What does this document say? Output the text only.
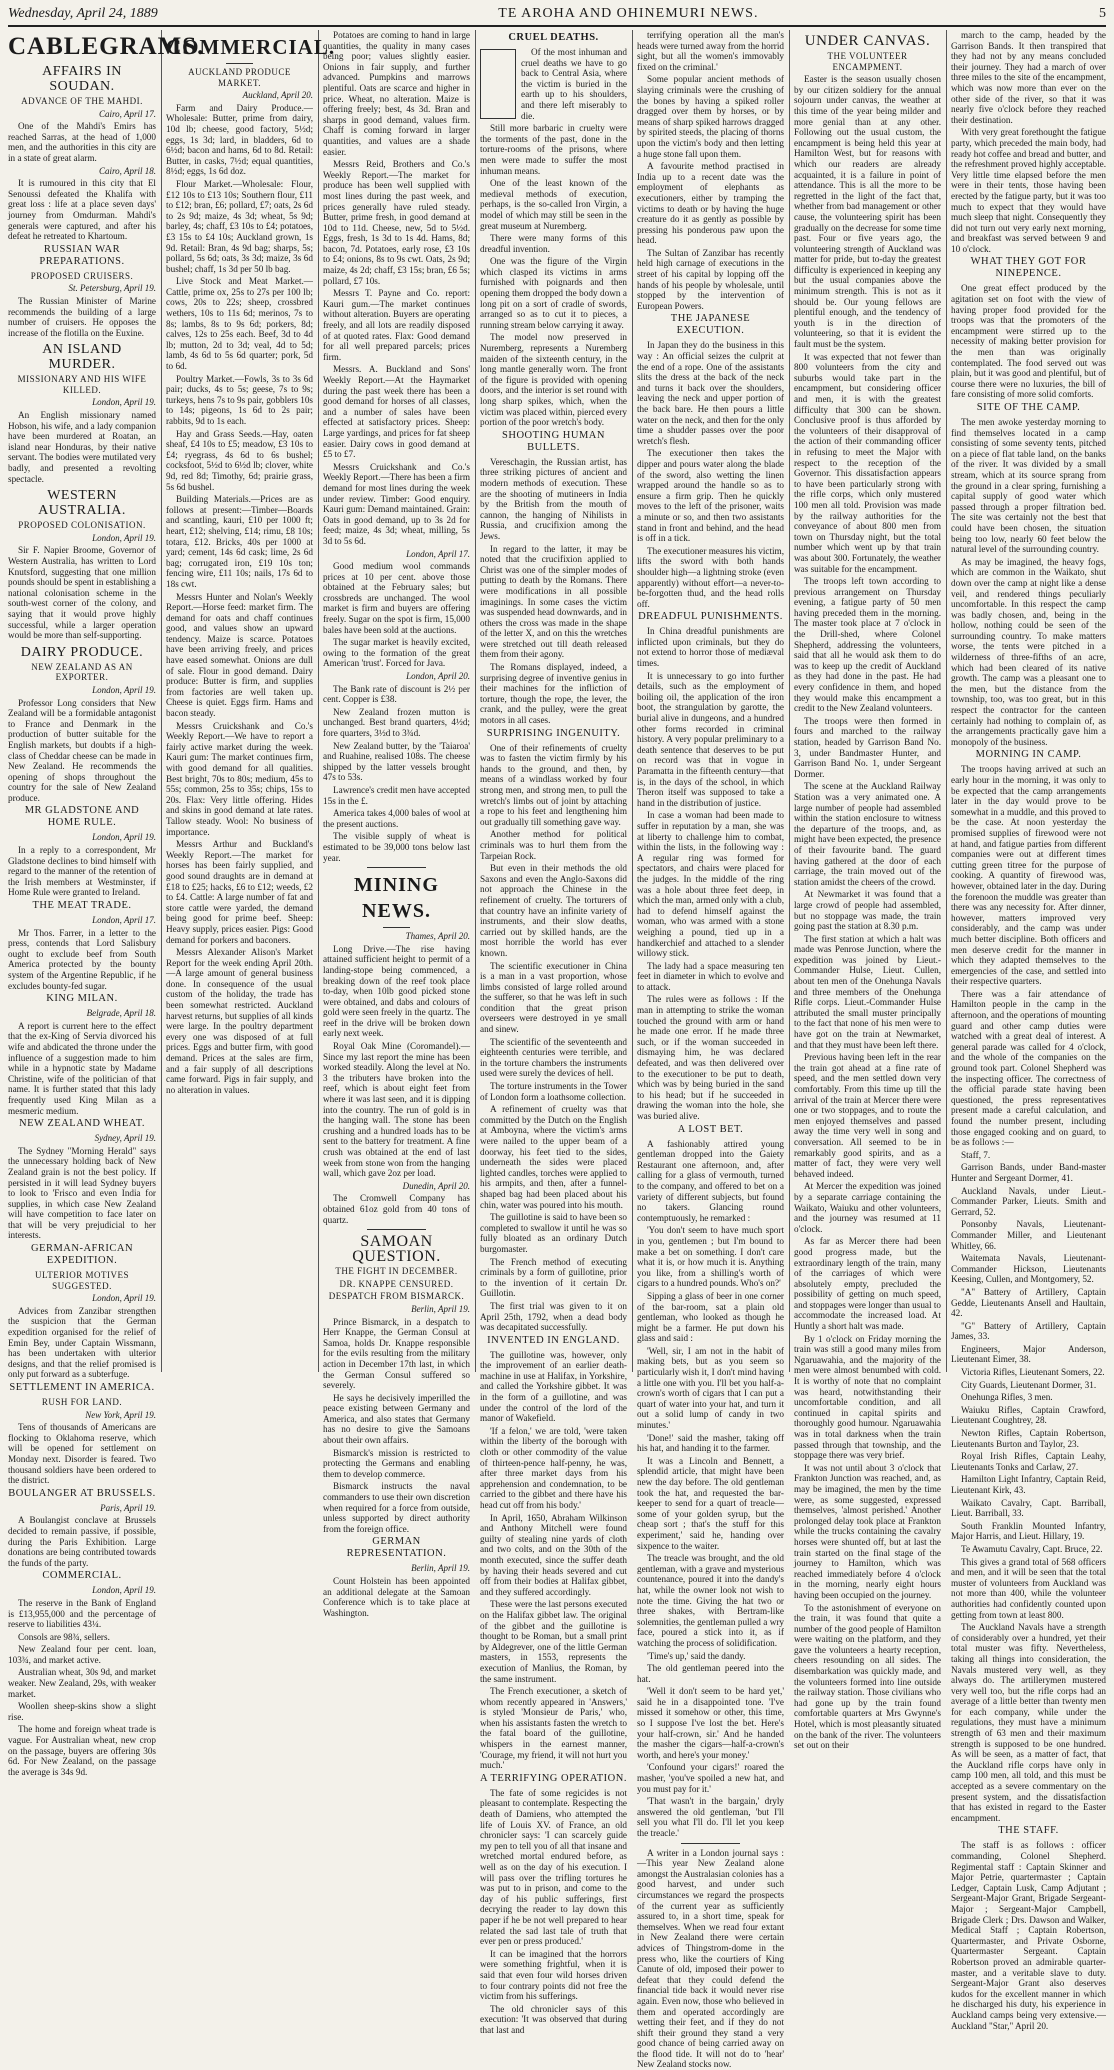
Wednesday, April 24, 1889	TE AROHA AND OHINEMURI NEWS.	5
CABLEGRAMS.
AFFAIRS IN SOUDAN.
ADVANCE OF THE MAHDI.
Cairo, April 17.

One of the Mahdi's Emirs has reached Sarras, at the head of 1,000 men, and the authorities in this city are in a state of great alarm.

Cairo, April 18.

It is rumoured in this city that El Senoussi defeated the Khalifa with great loss : life at a place seven days' journey from Omdurman. Mahdi's generals were captured, and after his defeat he retreated to Khartoum.

RUSSIAN WAR PREPARATIONS.
PROPOSED CRUISERS.
St. Petersburg, April 19.

The Russian Minister of Marine recommends the building of a large number of cruisers. He opposes the increase of the flotilla on the Euxine.

AN ISLAND MURDER.
MISSIONARY AND HIS WIFE KILLED.
London, April 19.

An English missionary named Hobson, his wife, and a lady companion have been murdered at Roatan, an island near Honduras, by their native servant. The bodies were mutilated very badly, and presented a revolting spectacle.

WESTERN AUSTRALIA.
PROPOSED COLONISATION.
London, April 19.

Sir F. Napier Broome, Governor of Western Australia, has written to Lord Knutsford, suggesting that one million pounds should be spent in establishing a national colonisation scheme in the south-west corner of the colony, and saying that it would prove highly successful, while a larger operation would be more than self-supporting.

DAIRY PRODUCE.
NEW ZEALAND AS AN EXPORTER.
London, April 19.

Professor Long considers that New Zealand will be a formidable antagonist to France and Denmark in the production of butter suitable for the English markets, but doubts if a high-class of Cheddar cheese can be made in New Zealand. He recommends the opening of shops throughout the country for the sale of New Zealand produce.

MR GLADSTONE AND HOME RULE.
London, April 19.

In a reply to a correspondent, Mr Gladstone declines to bind himself with regard to the manner of the retention of the Irish members at Westminster, if Home Rule were granted to Ireland.

THE MEAT TRADE.
London, April 17.

Mr Thos. Farrer, in a letter to the press, contends that Lord Salisbury ought to exclude beef from South America protected by the bounty system of the Argentine Republic, if he excludes bounty-fed sugar.

KING MILAN.
Belgrade, April 18.

A report is current here to the effect that the ex-King of Servia divorced his wife and abdicated the throne under the influence of a suggestion made to him while in a hypnotic state by Madame Christine, wife of the politician of that name. It is further stated that this lady frequently used King Milan as a mesmeric medium.

NEW ZEALAND WHEAT.
Sydney, April 19.

The Sydney "Morning Herald" says the unnecessary holding back of New Zealand grain is not the best policy. If persisted in it will lead Sydney buyers to look to 'Frisco and even India for supplies, in which case New Zealand will have competition to face later on that will be very prejudicial to her interests.

GERMAN-AFRICAN EXPEDITION.
ULTERIOR MOTIVES SUGGESTED.
London, April 19.

Advices from Zanzibar strengthen the suspicion that the German expedition organised for the relief of Emin Bey, under Captain Wissmann, has been undertaken with ulterior designs, and that the relief promised is only put forward as a subterfuge.

SETTLEMENT IN AMERICA.
RUSH FOR LAND.
New York, April 19.

Tens of thousands of Americans are flocking to Oklahoma reserve, which will be opened for settlement on Monday next. Disorder is feared. Two thousand soldiers have been ordered to the district.

BOULANGER AT BRUSSELS.
Paris, April 19.

A Boulangist conclave at Brussels decided to remain passive, if possible, during the Paris Exhibition. Large donations are being contributed towards the funds of the party.

COMMERCIAL.
London, April 19.

The reserve in the Bank of England is £13,955,000 and the percentage of reserve to liabilities 43¼.

Consols are 98¾, sellers.

New Zealand four per cent. loan, 103¾, and market active.

Australian wheat, 30s 9d, and market weaker. New Zealand, 29s, with weaker market.

Woollen sheep-skins show a slight rise.

The home and foreign wheat trade is vague. For Australian wheat, new crop on the passage, buyers are offering 30s 6d. For New Zealand, on the passage the average is 34s 9d.

COMMERCIAL.
AUCKLAND PRODUCE MARKET.
Auckland, April 20.

Farm and Dairy Produce.—Wholesale: Butter, prime from dairy, 10d lb; cheese, good factory, 5½d; eggs, 1s 3d; lard, in bladders, 6d to 6½d; bacon and hams, 6d to 8d. Retail: Butter, in casks, 7½d; equal quantities, 8½d; eggs, 1s 6d doz.

Flour Market.—Wholesale: Flour, £12 10s to £13 10s; Southern flour, £11 to £12; bran, £6; pollard, £7; oats, 2s 6d to 2s 9d; maize, 4s 3d; wheat, 5s 9d; barley, 4s; chaff, £3 10s to £4; potatoes, £3 15s to £4 10s; Auckland grown, 1s 9d. Retail: Bran, 4s 9d bag; sharps, 5s; pollard, 5s 6d; oats, 3s 3d; maize, 3s 6d bushel; chaff, 1s 3d per 50 lb bag.

Live Stock and Meat Market.—Cattle, prime ox, 25s to 27s per 100 lb; cows, 20s to 22s; sheep, crossbred wethers, 10s to 11s 6d; merinos, 7s to 8s; lambs, 8s to 9s 6d; porkers, 8d; calves, 12s to 25s each. Beef, 3d to 4d lb; mutton, 2d to 3d; veal, 4d to 5d; lamb, 4s 6d to 5s 6d quarter; pork, 5d to 6d.

Poultry Market.—Fowls, 3s to 3s 6d pair; ducks, 4s to 5s; geese, 7s to 9s; turkeys, hens 7s to 9s pair, gobblers 10s to 14s; pigeons, 1s 6d to 2s pair; rabbits, 9d to 1s each.

Hay and Grass Seeds.—Hay, oaten sheaf, £4 10s to £5; meadow, £3 10s to £4; ryegrass, 4s 6d to 6s bushel; cocksfoot, 5½d to 6½d lb; clover, white 9d, red 8d; Timothy, 6d; prairie grass, 5s 6d bushel.

Building Materials.—Prices are as follows at present:—Timber—Boards and scantling, kauri, £10 per 1000 ft; heart, £12; shelving, £14; rimu, £8 10s; totara, £12. Bricks, 40s per 1000 at yard; cement, 14s 6d cask; lime, 2s 6d bag; corrugated iron, £19 10s ton; fencing wire, £11 10s; nails, 17s 6d to 18s cwt.

Messrs Hunter and Nolan's Weekly Report.—Horse feed: market firm. The demand for oats and chaff continues good, and values show an upward tendency. Maize is scarce. Potatoes have been arriving freely, and prices have eased somewhat. Onions are dull of sale. Flour in good demand. Dairy produce: Butter is firm, and supplies from factories are well taken up. Cheese is quiet. Eggs firm. Hams and bacon steady.

Messrs Cruickshank and Co.'s Weekly Report.—We have to report a fairly active market during the week. Kauri gum: The market continues firm, with good demand for all qualities. Best bright, 70s to 80s; medium, 45s to 55s; common, 25s to 35s; chips, 15s to 20s. Flax: Very little offering. Hides and skins in good demand at late rates. Tallow steady. Wool: No business of importance.

Messrs Arthur and Buckland's Weekly Report.—The market for horses has been fairly supplied, and good sound draughts are in demand at £18 to £25; hacks, £6 to £12; weeds, £2 to £4. Cattle: A large number of fat and store cattle were yarded, the demand being good for prime beef. Sheep: Heavy supply, prices easier. Pigs: Good demand for porkers and baconers.

Messrs Alexander Alison's Market Report for the week ending April 20th.—A large amount of general business done. In consequence of the usual custom of the holiday, the trade has been somewhat restricted. Auckland harvest returns, but supplies of all kinds were large. In the poultry department every one was disposed of at full prices. Eggs and butter firm, with good demand. Prices at the sales are firm, and a fair supply of all descriptions came forward. Pigs in fair supply, and no alteration in values.

Potatoes are coming to hand in large quantities, the quality in many cases being poor; values slightly easier. Onions in fair supply, and further advanced. Pumpkins and marrows plentiful. Oats are scarce and higher in price. Wheat, no alteration. Maize is offering freely; best, 4s 3d. Bran and sharps in good demand, values firm. Chaff is coming forward in larger quantities, and values are a shade easier.

Messrs Reid, Brothers and Co.'s Weekly Report.—The market for produce has been well supplied with most lines during the past week, and prices generally have ruled steady. Butter, prime fresh, in good demand at 10d to 11d. Cheese, new, 5d to 5½d. Eggs, fresh, 1s 3d to 1s 4d. Hams, 8d; bacon, 7d. Potatoes, early rose, £3 10s to £4; onions, 8s to 9s cwt. Oats, 2s 9d; maize, 4s 2d; chaff, £3 15s; bran, £6 5s; pollard, £7 10s.

Messrs T. Payne and Co. report: Kauri gum.—The market continues without alteration. Buyers are operating freely, and all lots are readily disposed of at quoted rates. Flax: Good demand for all well prepared parcels; prices firm.

Messrs. A. Buckland and Sons' Weekly Report.—At the Haymarket during the past week there has been a good demand for horses of all classes, and a number of sales have been effected at satisfactory prices. Sheep: Large yardings, and prices for fat sheep easier. Dairy cows in good demand at £5 to £7.

Messrs Cruickshank and Co.'s Weekly Report.—There has been a firm demand for most lines during the week under review. Timber: Good enquiry. Kauri gum: Demand maintained. Grain: Oats in good demand, up to 3s 2d for feed; maize, 4s 3d; wheat, milling, 5s 3d to 5s 6d.

London, April 17.

Good medium wool commands prices at 10 per cent. above those obtained at the February sales; but crossbreds are unchanged. The wool market is firm and buyers are offering freely. Sugar on the spot is firm, 15,000 bales have been sold at the auctions.

The sugar market is heavily excited, owing to the formation of the great American 'trust'. Forced for Java.

London, April 20.

The Bank rate of discount is 2½ per cent. Copper is £38.

New Zealand frozen mutton is unchanged. Best brand quarters, 4½d; fore quarters, 3½d to 3¾d.

New Zealand butter, by the 'Taiaroa' and Ruahine, realised 108s. The cheese shipped by the latter vessels brought 47s to 53s.

Lawrence's credit men have accepted 15s in the £.

America takes 4,000 bales of wool at the present auctions.

The visible supply of wheat is estimated to be 39,000 tons below last year.

MINING NEWS.
Thames, April 20.

Long Drive.—The rise having attained sufficient height to permit of a landing-stope being commenced, a breaking down of the reef took place to-day, when 10lb good picked stone were obtained, and dabs and colours of gold were seen freely in the quartz. The reef in the drive will be broken down early next week.

Royal Oak Mine (Coromandel).—Since my last report the mine has been worked steadily. Along the level at No. 3 the tributers have broken into the reef, which is about eight feet from where it was last seen, and it is dipping into the country. The run of gold is in the hanging wall. The stone has been crushing and a hundred loads has to be sent to the battery for treatment. A fine crush was obtained at the end of last week from stone won from the hanging wall, which gave 2oz per load.

Dunedin, April 20.

The Cromwell Company has obtained 61oz gold from 40 tons of quartz.

SAMOAN QUESTION.
THE FIGHT IN DECEMBER.
DR. KNAPPE CENSURED.
DESPATCH FROM BISMARCK.
Berlin, April 19.

Prince Bismarck, in a despatch to Herr Knappe, the German Consul at Samoa, holds Dr. Knappe responsible for the evils resulting from the military action in December 17th last, in which the German Consul suffered so severely.

He says he decisively imperilled the peace existing between Germany and America, and also states that Germany has no desire to give the Samoans about their own affairs.

Bismarck's mission is restricted to protecting the Germans and enabling them to develop commerce.

Bismarck instructs the naval commanders to use their own discretion when required for a force from outside, unless supported by direct authority from the foreign office.

GERMAN REPRESENTATION.
Berlin, April 19.

Count Holstein has been appointed an additional delegate at the Samoan Conference which is to take place at Washington.

CRUEL DEATHS.

Of the most inhuman and cruel deaths we have to go back to Central Asia, where the victim is buried in the earth up to his shoulders, and there left miserably to die.

Still more barbaric in cruelty were the torments of the past, done in the torture-rooms of the prisons, where men were made to suffer the most inhuman means.

One of the least known of the medieval methods of execution, perhaps, is the so-called Iron Virgin, a model of which may still be seen in the great museum at Nuremberg.

There were many forms of this dreadful invention.

One was the figure of the Virgin which clasped its victims in arms furnished with poignards and then opening them dropped the body down a long pit on a sort of cradle of swords, arranged so as to cut it to pieces, a running stream below carrying it away.

The model now preserved in Nuremberg, represents a Nuremberg maiden of the sixteenth century, in the long mantle generally worn. The front of the figure is provided with opening doors, and the interior is set round with long sharp spikes, which, when the victim was placed within, pierced every portion of the poor wretch's body.

SHOOTING HUMAN BULLETS.

Vereschagin, the Russian artist, has three striking pictures of ancient and modern methods of execution. These are the shooting of mutineers in India by the British from the mouth of cannon, the hanging of Nihilists in Russia, and crucifixion among the Jews.

In regard to the latter, it may be noted that the crucifixion applied to Christ was one of the simpler modes of putting to death by the Romans. There were modifications in all possible imaginings. In some cases the victim was suspended head downwards, and in others the cross was made in the shape of the letter X, and on this the wretches were stretched out till death released them from their agony.

The Romans displayed, indeed, a surprising degree of inventive genius in their machines for the infliction of torture, though the rope, the lever, the crank, and the pulley, were the great motors in all cases.

SURPRISING INGENUITY.

One of their refinements of cruelty was to fasten the victim firmly by his hands to the ground, and then, by means of a windlass worked by four strong men, and strong men, to pull the wretch's limbs out of joint by attaching a rope to his feet and lengthening him out gradually till something gave way.

Another method for political criminals was to hurl them from the Tarpeian Rock.

But even in their methods the old Saxons and even the Anglo-Saxons did not approach the Chinese in the refinement of cruelty. The torturers of that country have an infinite variety of instruments, and their slow deaths, carried out by skilled hands, are the most horrible the world has ever known.

The scientific executioner in China is a man in a vast proportion, whose limbs consisted of large rolled around the sufferer, so that he was left in such condition that the great prison overseers were destroyed in ye small and sinew.

The scientific of the seventeenth and eighteenth centuries were terrible, and in the torture chambers the instruments used were surely the devices of hell.

The torture instruments in the Tower of London form a loathsome collection.

A refinement of cruelty was that committed by the Dutch on the English at Amboyna, where the victim's arms were nailed to the upper beam of a doorway, his feet tied to the sides, underneath the sides were placed lighted candles, torches were applied to his armpits, and then, after a funnel-shaped bag had been placed about his chin, water was poured into his mouth.

The guillotine is said to have been so completed to swallow it until he was so fully bloated as an ordinary Dutch burgomaster.

The French method of executing criminals by a form of guillotine, prior to the invention of it certain Dr. Guillotin.

The first trial was given to it on April 25th, 1792, when a dead body was decapitated successfully.

INVENTED IN ENGLAND.

The guillotine was, however, only the improvement of an earlier death-machine in use at Halifax, in Yorkshire, and called the Yorkshire gibbet. It was in the form of a guillotine, and was under the control of the lord of the manor of Wakefield.

'If a felon,' we are told, 'were taken within the liberty of the borough with cloth or other commodity of the value of thirteen-pence half-penny, he was, after three market days from his apprehension and condemnation, to be carried to the gibbet and there have his head cut off from his body.'

In April, 1650, Abraham Wilkinson and Anthony Mitchell were found guilty of stealing nine yards of cloth and two colts, and on the 30th of the month executed, since the suffer death by having their heads severed and cut off from their bodies at Halifax gibbet, and they suffered accordingly.

These were the last persons executed on the Halifax gibbet law. The original of the gibbet and the guillotine is thought to be Roman, but a small print by Aldegrever, one of the little German masters, in 1553, represents the execution of Manlius, the Roman, by the same instrument.

The French executioner, a sketch of whom recently appeared in 'Answers,' is styled 'Monsieur de Paris,' who, when his assistants fasten the wretch to the fatal board of the guillotine, whispers in the earnest manner, 'Courage, my friend, it will not hurt you much.'

A TERRIFYING OPERATION.

The fate of some regicides is not pleasant to contemplate. Respecting the death of Damiens, who attempted the life of Louis XV. of France, an old chronicler says: 'I can scarcely guide my pen to tell you of all that insane and wretched mortal endured before, as well as on the day of his execution. I will pass over the trifling tortures he was put to in prison, and come to the day of his public sufferings, first decrying the reader to lay down this paper if he be not well prepared to hear related the sad last tale of truth that ever pen or press produced.'

It can be imagined that the horrors were something frightful, when it is said that even four wild horses driven to four contrary points did not free the victim from his sufferings.

The old chronicler says of this execution: 'It was observed that during that last and

terrifying operation all the man's heads were turned away from the horrid sight, but all the women's immovably fixed on the criminal.'

Some popular ancient methods of slaying criminals were the crushing of the bones by having a spiked roller dragged over them by horses, or by means of sharp spiked harrows dragged by spirited steeds, the placing of thorns upon the victim's body and then letting a huge stone fall upon them.

A favourite method practised in India up to a recent date was the employment of elephants as executioners, either by tramping the victims to death or by having the huge creature do it as gently as possible by pressing his ponderous paw upon the head.

The Sultan of Zanzibar has recently held high carnage of executions in the street of his capital by lopping off the hands of his people by wholesale, until stopped by the intervention of European Powers.

THE JAPANESE EXECUTION.

In Japan they do the business in this way : An official seizes the culprit at the end of a rope. One of the assistants slits the dress at the back of the neck and turns it back over the shoulders, leaving the neck and upper portion of the back bare. He then pours a little water on the neck, and then for the only time a shudder passes over the poor wretch's flesh.

The executioner then takes the dipper and pours water along the blade of the sword, also wetting the linen wrapped around the handle so as to ensure a firm grip. Then he quickly moves to the left of the prisoner, waits a minute or so, and then two assistants stand in front and behind, and the head is off in a tick.

The executioner measures his victim, lifts the sword with both hands shoulder high—a lightning stroke (even apparently) without effort—a never-to-be-forgotten thud, and the head rolls off.

DREADFUL PUNISHMENTS.

In China dreadful punishments are inflicted upon criminals, but they do not extend to horror those of mediæval times.

It is unnecessary to go into further details, such as the employment of boiling oil, the application of the iron boot, the strangulation by garotte, the burial alive in dungeons, and a hundred other forms recorded in criminal history. A very popular preliminary to a death sentence that deserves to be put on record was that in vogue in Paramatta in the fifteenth century—that is, in the days of the school, in which Theron itself was supposed to take a hand in the distribution of justice.

In case a woman had been made to suffer in reputation by a man, she was at liberty to challenge him to combat, within the lists, in the following way : A regular ring was formed for spectators, and chairs were placed for the judges. In the middle of the ring was a hole about three feet deep, in which the man, armed only with a club, had to defend himself against the woman, who was armed with a stone weighing a pound, tied up in a handkerchief and attached to a slender willowy stick.

The lady had a space measuring ten feet in diameter in which to evolve and to attack.

The rules were as follows : If the man in attempting to strike the woman touched the ground with arm or hand he made one error. If he made three such, or if the woman succeeded in dismaying him, he was declared defeated, and was then delivered over to the executioner to be put to death, which was by being buried in the sand to his head; but if he succeeded in drawing the woman into the hole, she was buried alive.

A LOST BET.

A fashionably attired young gentleman dropped into the Gaiety Restaurant one afternoon, and, after calling for a glass of vermouth, turned to the company, and offered to bet on a variety of different subjects, but found no takers. Glancing round contemptuously, he remarked :

'You don't seem to have much sport in you, gentlemen ; but I'm bound to make a bet on something. I don't care what it is, or how much it is. Anything you like, from a shilling's worth of cigars to a hundred pounds. Who's on?'

Sipping a glass of beer in one corner of the bar-room, sat a plain old gentleman, who looked as though he might be a farmer. He put down his glass and said :

'Well, sir, I am not in the habit of making bets, but as you seem so particularly wish it, I don't mind having a little one with you. I'll bet you half-a-crown's worth of cigars that I can put a quart of water into your hat, and turn it out a solid lump of candy in two minutes.'

'Done!' said the masher, taking off his hat, and handing it to the farmer.

It was a Lincoln and Bennett, a splendid article, that might have been new the day before. The old gentleman took the hat, and requested the bar-keeper to send for a quart of treacle—some of your golden syrup, but the cheap sort ; that's the stuff for this experiment,' said he, handing over sixpence to the waiter.

The treacle was brought, and the old gentleman, with a grave and mysterious countenance, poured it into the dandy's hat, while the owner look not wish to note the time. Giving the hat two or three shakes, with Bertram-like solemnities, the gentleman pulled a wry face, poured a stick into it, as if watching the process of solidification.

'Time's up,' said the dandy.

The old gentleman peered into the hat.

'Well it don't seem to be hard yet,' said he in a disappointed tone. 'I've missed it somehow or other, this time, so I suppose I've lost the bet. Here's your half-crown, sir.' And he handed the masher the cigars—half-a-crown's worth, and here's your money.'

'Confound your cigars!' roared the masher, 'you've spoiled a new hat, and you must pay for it.'

'That wasn't in the bargain,' dryly answered the old gentleman, 'but I'll sell you what I'll do. I'll let you keep the treacle.'

A writer in a London journal says :—This year New Zealand alone amongst the Australasian colonies has a good harvest, and under such circumstances we regard the prospects of the current year as sufficiently assured to, in a short time, speak for themselves. When we read four extant in New Zealand there were certain advices of Thingstrom-dome in the press who, like the courtiers of King Canute of old, imposed their power to defeat that they could defend the financial tide back it would never rise again. Even now, those who believed in them and operated accordingly are wetting their feet, and if they do not shift their ground they stand a very good chance of being carried away on the flood tide. It will not do to 'hear' New Zealand stocks now.

UNDER CANVAS.
THE VOLUNTEER ENCAMPMENT.

Easter is the season usually chosen by our citizen soldiery for the annual sojourn under canvas, the weather at this time of the year being milder and more genial than at any other. Following out the usual custom, the encampment is being held this year at Hamilton West, but for reasons with which our readers are already acquainted, it is a failure in point of attendance. This is all the more to be regretted in the light of the fact that, whether from bad management or other cause, the volunteering spirit has been gradually on the decrease for some time past. Four or five years ago, the volunteering strength of Auckland was matter for pride, but to-day the greatest difficulty is experienced in keeping any but the usual companies above the minimum strength. This is not as it should be. Our young fellows are plentiful enough, and the tendency of youth is in the direction of volunteering, so that it is evident the fault must be the system.

It was expected that not fewer than 800 volunteers from the city and suburbs would take part in the encampment, but considering officer and men, it is with the greatest difficulty that 300 can be shown. Conclusive proof is thus afforded by the volunteers of their disapproval of the action of their commanding officer in refusing to meet the Major with respect to the reception of the Governor. This dissatisfaction appears to have been particularly strong with the rifle corps, which only mustered 100 men all told. Provision was made by the railway authorities for the conveyance of about 800 men from town on Thursday night, but the total number which went up by that train was about 300. Fortunately, the weather was suitable for the encampment.

The troops left town according to previous arrangement on Thursday evening, a fatigue party of 50 men having preceded them in the morning. The master took place at 7 o'clock in the Drill-shed, where Colonel Shepherd, addressing the volunteers, said that all he would ask them to do was to keep up the credit of Auckland as they had done in the past. He had every confidence in them, and hoped they would make this encampment a credit to the New Zealand volunteers.

The troops were then formed in fours and marched to the railway station, headed by Garrison Band No. 3, under Bandmaster Hunter, and Garrison Band No. 1, under Sergeant Dormer.

The scene at the Auckland Railway Station was a very animated one. A large number of people had assembled within the station enclosure to witness the departure of the troops, and, as might have been expected, the presence of their favourite band. The guard having gathered at the door of each carriage, the train moved out of the station amidst the cheers of the crowd.

At Newmarket it was found that a large crowd of people had assembled, but no stoppage was made, the train going past the station at 8.30 p.m.

The first station at which a halt was made was Penrose Junction, where the expedition was joined by Lieut.-Commander Hulse, Lieut. Cullen, about ten men of the Onehunga Navals and three members of the Onehunga Rifle corps. Lieut.-Commander Hulse attributed the small muster principally to the fact that none of his men were to have got on the train at Newmarket, and that they must have been left there.

Previous having been left in the rear the train got ahead at a fine rate of speed, and the men settled down very comfortably. From this time up till the arrival of the train at Mercer there were one or two stoppages, and to route the men enjoyed themselves and passed away the time very well in song and conversation. All seemed to be in remarkably good spirits, and as a matter of fact, they were very well behaved indeed.

At Mercer the expedition was joined by a separate carriage containing the Waikato, Waiuku and other volunteers, and the journey was resumed at 11 o'clock.

As far as Mercer there had been good progress made, but the extraordinary length of the train, many of the carriages of which were absolutely empty, precluded the possibility of getting on much speed, and stoppages were longer than usual to accommodate the increased load. At Huntly a short halt was made.

By 1 o'clock on Friday morning the train was still a good many miles from Ngaruawahia, and the majority of the men were almost benumbed with cold. It is worthy of note that no complaint was heard, notwithstanding their uncomfortable condition, and all continued in capital spirits and thoroughly good humour. Ngaruawahia was in total darkness when the train passed through that township, and the stoppage there was very brief.

It was not until about 3 o'clock that Frankton Junction was reached, and, as may be imagined, the men by the time were, as some suggested, expressed themselves, 'almost perished.' Another prolonged delay took place at Frankton while the trucks containing the cavalry horses were shunted off, but at last the train started on the final stage of the journey to Hamilton, which was reached immediately before 4 o'clock in the morning, nearly eight hours having been occupied on the journey.

To the astonishment of everyone on the train, it was found that quite a number of the good people of Hamilton were waiting on the platform, and they gave the volunteers a hearty reception, cheers resounding on all sides. The disembarkation was quickly made, and the volunteers formed into line outside the railway station. Those civilians who had gone up by the train found comfortable quarters at Mrs Gwynne's Hotel, which is most pleasantly situated on the bank of the river. The volunteers set out on their

march to the camp, headed by the Garrison Bands. It then transpired that they had not by any means concluded their journey. They had a march of over three miles to the site of the encampment, which was now more than ever on the other side of the river, so that it was nearly five o'clock before they reached their destination.

With very great forethought the fatigue party, which preceded the main body, had ready hot coffee and bread and butter, and the refreshment proved highly acceptable. Very little time elapsed before the men were in their tents, those having been erected by the fatigue party, but it was too much to expect that they would have much sleep that night. Consequently they did not turn out very early next morning, and breakfast was served between 9 and 10 o'clock.

WHAT THEY GOT FOR NINEPENCE.

One great effect produced by the agitation set on foot with the view of having proper food provided for the troops was that the promoters of the encampment were stirred up to the necessity of making better provision for the men than was originally contemplated. The food served out was plain, but it was good and plentiful, but of course there were no luxuries, the bill of fare consisting of more solid comforts.

SITE OF THE CAMP.

The men awoke yesterday morning to find themselves located in a camp consisting of some seventy tents, pitched on a piece of flat table land, on the banks of the river. It was divided by a small stream, which at its source sprang from the ground in a clear spring, furnishing a capital supply of good water which passed through a proper filtration bed. The site was certainly not the best that could have been chosen, the situation being too low, nearly 60 feet below the natural level of the surrounding country.

As may be imagined, the heavy fogs, which are common in the Waikato, shut down over the camp at night like a dense veil, and rendered things peculiarly uncomfortable. In this respect the camp was badly chosen, and, being in the hollow, nothing could be seen of the surrounding country. To make matters worse, the tents were pitched in a wilderness of three-fifths of an acre, which had been cleared of its native growth. The camp was a pleasant one to the men, but the distance from the township, too, was too great, but in this respect the contractor for the canteen certainly had nothing to complain of, as the arrangements practically gave him a monopoly of the business.

MORNING IN CAMP.

The troops having arrived at such an early hour in the morning, it was only to be expected that the camp arrangements later in the day would prove to be somewhat in a muddle, and this proved to be the case. At noon yesterday the promised supplies of firewood were not at hand, and fatigue parties from different companies were out at different times cutting green titree for the purpose of cooking. A quantity of firewood was, however, obtained later in the day. During the forenoon the muddle was greater than there was any necessity for. After dinner, however, matters improved very considerably, and the camp was under much better discipline. Both officers and men deserve credit for the manner in which they adapted themselves to the emergencies of the case, and settled into their respective quarters.

There was a fair attendance of Hamilton people in the camp in the afternoon, and the operations of mounting guard and other camp duties were watched with a great deal of interest. A general parade was called for 4 o'clock, and the whole of the companies on the ground took part. Colonel Shepherd was the inspecting officer. The correctness of the official parade state having been questioned, the press representatives present made a careful calculation, and found the number present, including those engaged cooking and on guard, to be as follows :—

Staff, 7.

Garrison Bands, under Band-master Hunter and Sergeant Dormer, 41.

Auckland Navals, under Lieut.-Commander Parker, Lieuts. Smith and Gerrard, 52.

Ponsonby Navals, Lieutenant-Commander Miller, and Lieutenant Whitley, 66.

Waitemata Navals, Lieutenant-Commander Hickson, Lieutenants Keesing, Cullen, and Montgomery, 52.

"A" Battery of Artillery, Captain Gedde, Lieutenants Ansell and Haultain, 42.

"G" Battery of Artillery, Captain James, 33.

Engineers, Major Anderson, Lieutenant Eimer, 38.

Victoria Rifles, Lieutenant Somers, 22.

City Guards, Lieutenant Dormer, 31.

Onehunga Rifles, 3 men.

Waiuku Rifles, Captain Crawford, Lieutenant Coughtrey, 28.

Newton Rifles, Captain Robertson, Lieutenants Burton and Taylor, 23.

Royal Irish Rifles, Captain Leahy, Lieutenants Tonks and Carlaw, 27.

Hamilton Light Infantry, Captain Reid, Lieutenant Kirk, 43.

Waikato Cavalry, Capt. Barriball, Lieut. Barriball, 33.

South Franklin Mounted Infantry, Major Harris, and Lieut. Hillary, 19.

Te Awamutu Cavalry, Capt. Bruce, 22.

This gives a grand total of 568 officers and men, and it will be seen that the total muster of volunteers from Auckland was not more than 400, while the volunteer authorities had confidently counted upon getting from town at least 800.

The Auckland Navals have a strength of considerably over a hundred, yet their total muster was fifty. Nevertheless, taking all things into consideration, the Navals mustered very well, as they always do. The artillerymen mustered very well too, but the rifle corps had an average of a little better than twenty men for each company, while under the regulations, they must have a minimum strength of 63 men and their maximum strength is supposed to be one hundred. As will be seen, as a matter of fact, that the Auckland rifle corps have only in camp 100 men, all told, and this must be accepted as a severe commentary on the present system, and the dissatisfaction that has existed in regard to the Easter encampment.

THE STAFF.

The staff is as follows : officer commanding, Colonel Shepherd. Regimental staff : Captain Skinner and Major Petrie, quartermaster ; Captain Ledger, Captain Lusk, Camp Adjutant ; Sergeant-Major Grant, Brigade Sergeant-Major ; Sergeant-Major Campbell, Brigade Clerk ; Drs. Dawson and Walker, Medical Staff ; Captain Robertson, Quartermaster, and Private Osborne, Quartermaster Sergeant. Captain Robertson proved an admirable quarter-master, and a veritable slave to duty. Sergeant-Major Grant also deserves kudos for the excellent manner in which he discharged his duty, his experience in Auckland camps being very extensive.—Auckland "Star," April 20.
